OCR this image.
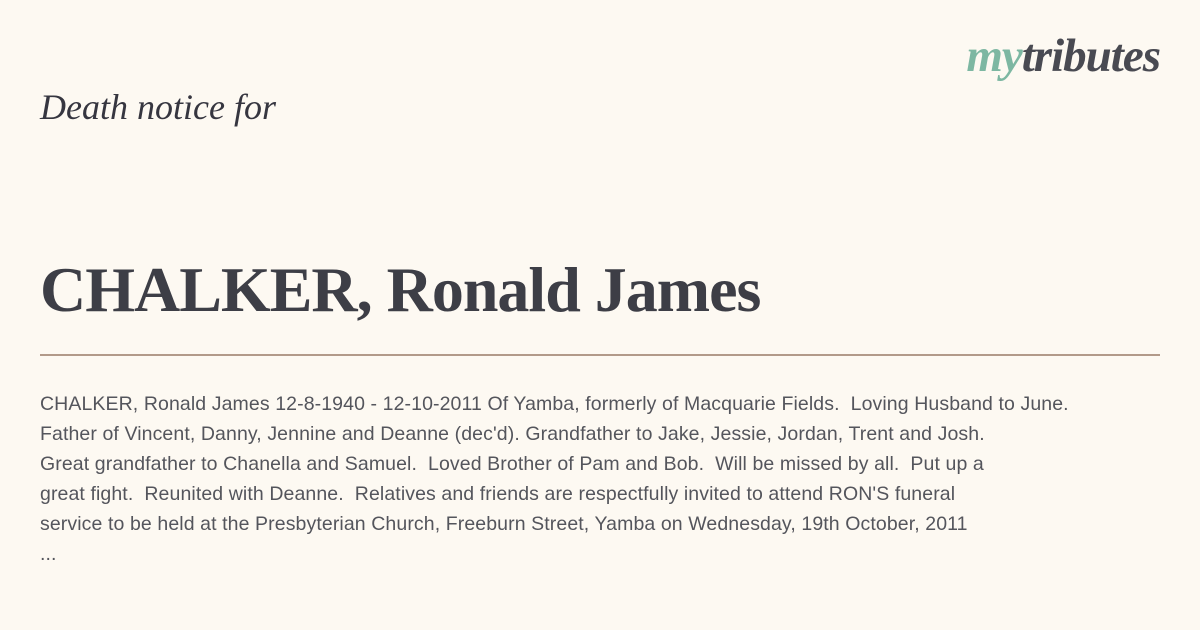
mytributes
Death notice for
CHALKER, Ronald James
CHALKER, Ronald James 12-8-1940 - 12-10-2011 Of Yamba, formerly of Macquarie Fields.  Loving Husband to June.
Father of Vincent, Danny, Jennine and Deanne (dec'd). Grandfather to Jake, Jessie, Jordan, Trent and Josh.
Great grandfather to Chanella and Samuel.  Loved Brother of Pam and Bob.  Will be missed by all.  Put up a
great fight.  Reunited with Deanne.  Relatives and friends are respectfully invited to attend RON'S funeral
service to be held at the Presbyterian Church, Freeburn Street, Yamba on Wednesday, 19th October, 2011
...
